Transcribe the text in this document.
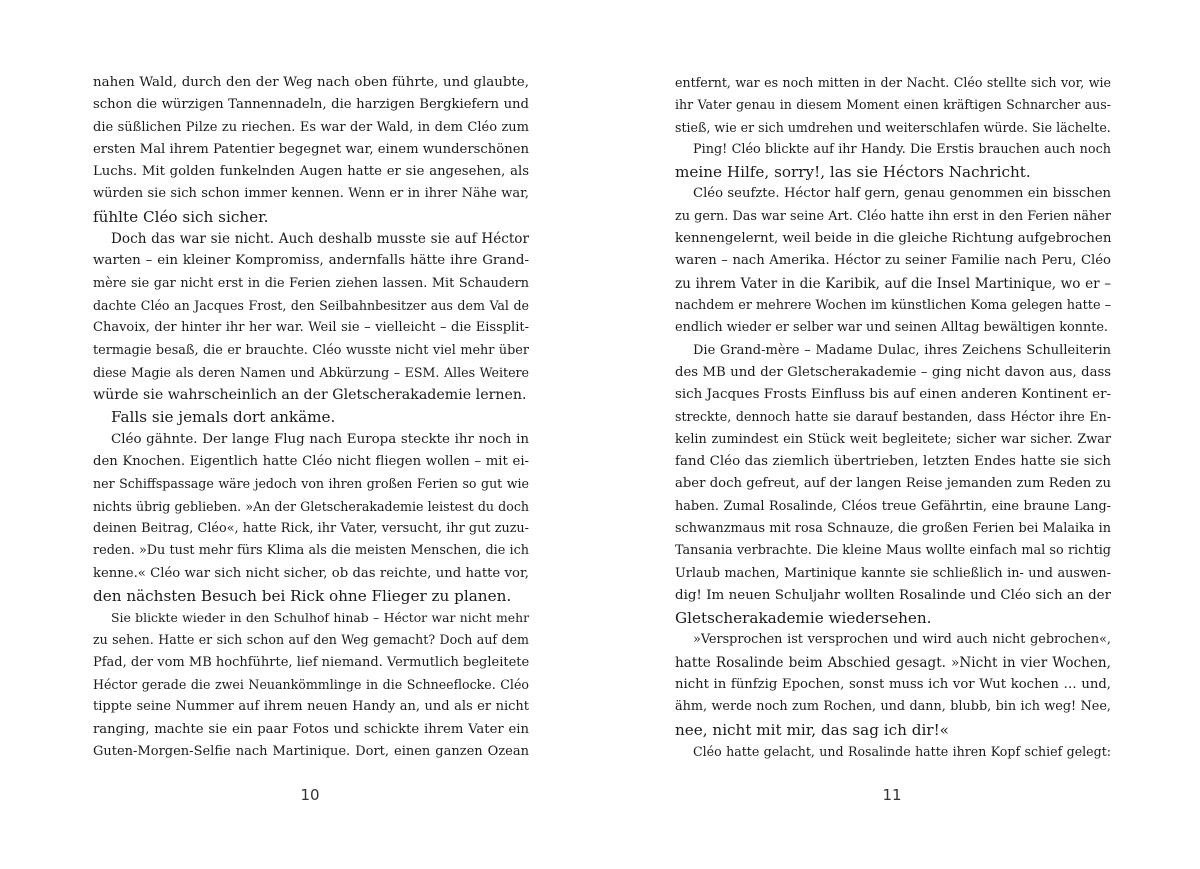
nahen Wald, durch den der Weg nach oben führte, und glaubte,
schon die würzigen Tannennadeln, die harzigen Bergkiefern und
die süßlichen Pilze zu riechen. Es war der Wald, in dem Cléo zum
ersten Mal ihrem Patentier begegnet war, einem wunderschönen
Luchs. Mit golden funkelnden Augen hatte er sie angesehen, als
würden sie sich schon immer kennen. Wenn er in ihrer Nähe war,
fühlte Cléo sich sicher.
Doch das war sie nicht. Auch deshalb musste sie auf Héctor
warten – ein kleiner Kompromiss, andernfalls hätte ihre Grand-
mère sie gar nicht erst in die Ferien ziehen lassen. Mit Schaudern
dachte Cléo an Jacques Frost, den Seilbahnbesitzer aus dem Val de
Chavoix, der hinter ihr her war. Weil sie – vielleicht – die Eissplit-
termagie besaß, die er brauchte. Cléo wusste nicht viel mehr über
diese Magie als deren Namen und Abkürzung – ESM. Alles Weitere
würde sie wahrscheinlich an der Gletscherakademie lernen.
Falls sie jemals dort ankäme.
Cléo gähnte. Der lange Flug nach Europa steckte ihr noch in
den Knochen. Eigentlich hatte Cléo nicht fliegen wollen – mit ei-
ner Schiffspassage wäre jedoch von ihren großen Ferien so gut wie
nichts übrig geblieben. »An der Gletscherakademie leistest du doch
deinen Beitrag, Cléo«, hatte Rick, ihr Vater, versucht, ihr gut zuzu-
reden. »Du tust mehr fürs Klima als die meisten Menschen, die ich
kenne.« Cléo war sich nicht sicher, ob das reichte, und hatte vor,
den nächsten Besuch bei Rick ohne Flieger zu planen.
Sie blickte wieder in den Schulhof hinab – Héctor war nicht mehr
zu sehen. Hatte er sich schon auf den Weg gemacht? Doch auf dem
Pfad, der vom MB hochführte, lief niemand. Vermutlich begleitete
Héctor gerade die zwei Neuankömmlinge in die Schneeflocke. Cléo
tippte seine Nummer auf ihrem neuen Handy an, und als er nicht
ranging, machte sie ein paar Fotos und schickte ihrem Vater ein
Guten-Morgen-Selfie nach Martinique. Dort, einen ganzen Ozean
10
entfernt, war es noch mitten in der Nacht. Cléo stellte sich vor, wie
ihr Vater genau in diesem Moment einen kräftigen Schnarcher aus-
stieß, wie er sich umdrehen und weiterschlafen würde. Sie lächelte.
Ping! Cléo blickte auf ihr Handy. Die Erstis brauchen auch noch
meine Hilfe, sorry!, las sie Héctors Nachricht.
Cléo seufzte. Héctor half gern, genau genommen ein bisschen
zu gern. Das war seine Art. Cléo hatte ihn erst in den Ferien näher
kennengelernt, weil beide in die gleiche Richtung aufgebrochen
waren – nach Amerika. Héctor zu seiner Familie nach Peru, Cléo
zu ihrem Vater in die Karibik, auf die Insel Martinique, wo er –
nachdem er mehrere Wochen im künstlichen Koma gelegen hatte –
endlich wieder er selber war und seinen Alltag bewältigen konnte.
Die Grand-mère – Madame Dulac, ihres Zeichens Schulleiterin
des MB und der Gletscherakademie – ging nicht davon aus, dass
sich Jacques Frosts Einfluss bis auf einen anderen Kontinent er-
streckte, dennoch hatte sie darauf bestanden, dass Héctor ihre En-
kelin zumindest ein Stück weit begleitete; sicher war sicher. Zwar
fand Cléo das ziemlich übertrieben, letzten Endes hatte sie sich
aber doch gefreut, auf der langen Reise jemanden zum Reden zu
haben. Zumal Rosalinde, Cléos treue Gefährtin, eine braune Lang-
schwanzmaus mit rosa Schnauze, die großen Ferien bei Malaika in
Tansania verbrachte. Die kleine Maus wollte einfach mal so richtig
Urlaub machen, Martinique kannte sie schließlich in- und auswen-
dig! Im neuen Schuljahr wollten Rosalinde und Cléo sich an der
Gletscherakademie wiedersehen.
»Versprochen ist versprochen und wird auch nicht gebrochen«,
hatte Rosalinde beim Abschied gesagt. »Nicht in vier Wochen,
nicht in fünfzig Epochen, sonst muss ich vor Wut kochen … und,
ähm, werde noch zum Rochen, und dann, blubb, bin ich weg! Nee,
nee, nicht mit mir, das sag ich dir!«
Cléo hatte gelacht, und Rosalinde hatte ihren Kopf schief gelegt:
11
